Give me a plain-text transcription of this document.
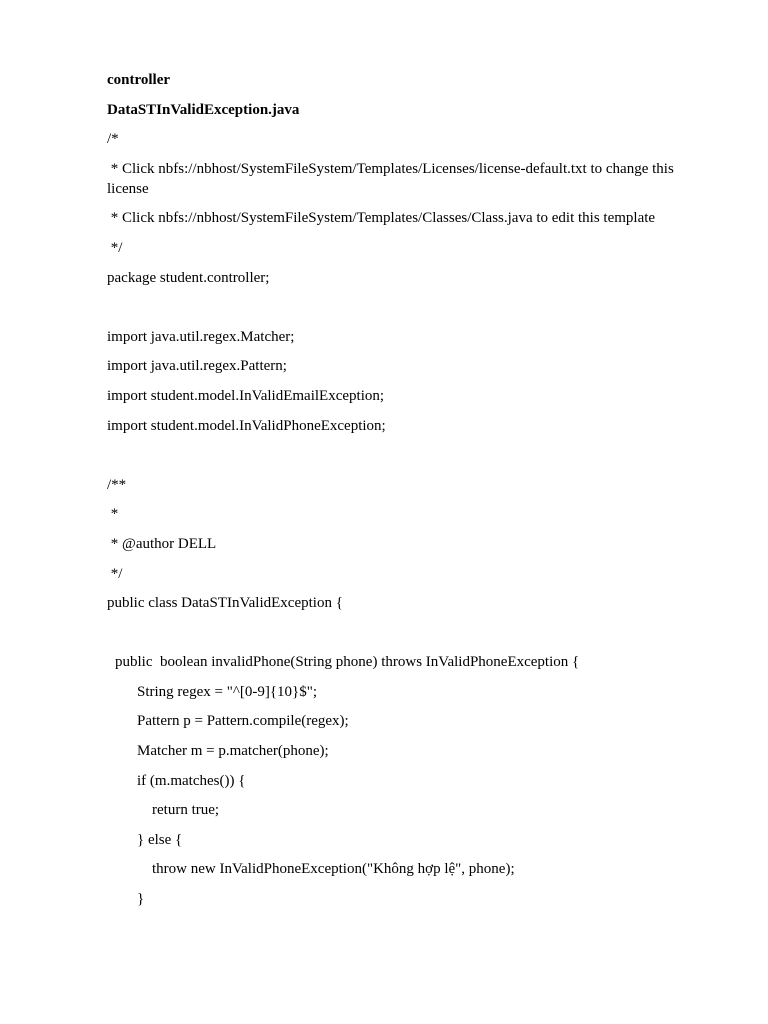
controller
DataSTInValidException.java
/*
* Click nbfs://nbhost/SystemFileSystem/Templates/Licenses/license-default.txt to change this license
* Click nbfs://nbhost/SystemFileSystem/Templates/Classes/Class.java to edit this template
*/
package student.controller;
import java.util.regex.Matcher;
import java.util.regex.Pattern;
import student.model.InValidEmailException;
import student.model.InValidPhoneException;
/**
*
* @author DELL
*/
public class DataSTInValidException {
public  boolean invalidPhone(String phone) throws InValidPhoneException {
String regex = "^[0-9]{10}$";
Pattern p = Pattern.compile(regex);
Matcher m = p.matcher(phone);
if (m.matches()) {
return true;
} else {
throw new InValidPhoneException("Không hợp lệ", phone);
}
